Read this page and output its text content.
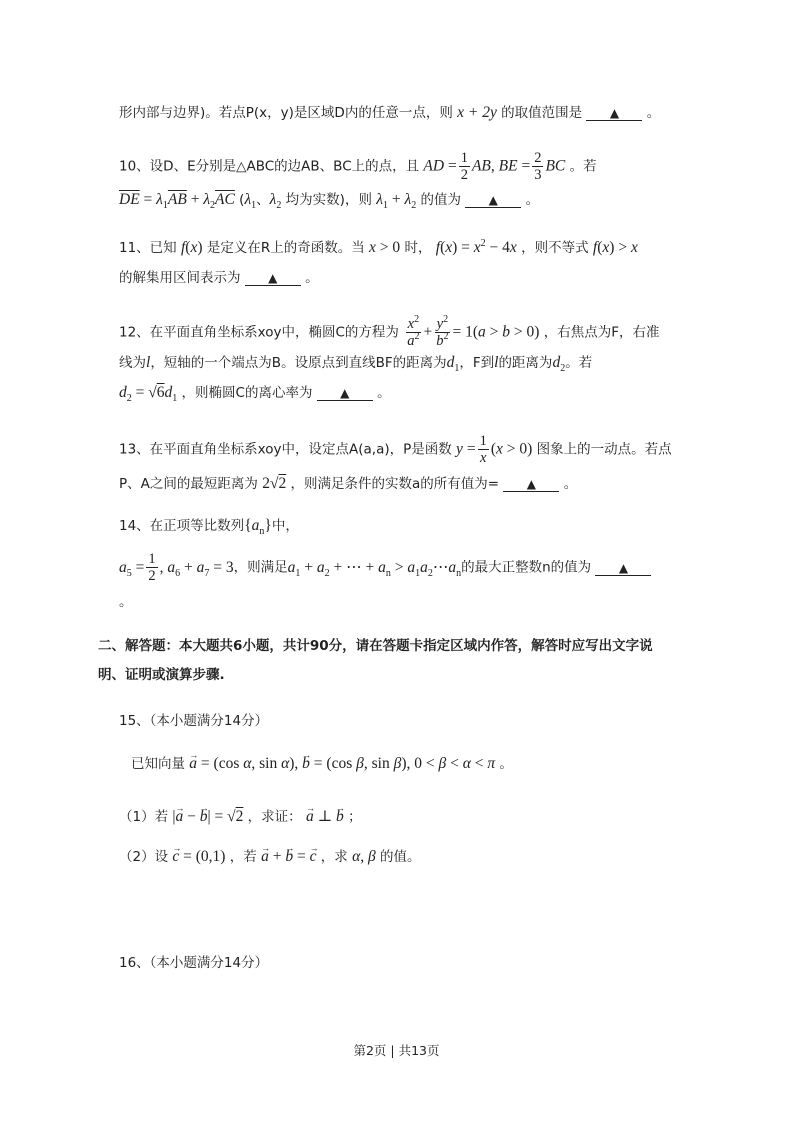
形内部与边界)。若点P(x，y)是区域D内的任意一点，则 x + 2y 的取值范围是 ▲ 。
10、设D、E分别是△ABC的边AB、BC上的点，且 AD = $\frac{1}{2}$ AB, BE = $\frac{2}{3}$ BC 。若
$\overline{DE} = \lambda_1\overline{AB} + \lambda_2\overline{AC}$ ($\lambda_1$、$\lambda_2$ 均为实数)，则 $\lambda_1 + \lambda_2$ 的值为 ▲ 。
11、已知 f(x) 是定义在R上的奇函数。当 x > 0 时， $f(x) = x^2 - 4x$ ，则不等式 f(x) > x
的解集用区间表示为 ▲ 。
12、在平面直角坐标系xoy中，椭圆C的方程为 $\frac{x^2}{a^2} + \frac{y^2}{b^2} = 1(a > b > 0)$ ，右焦点为F，右准
线为l，短轴的一个端点为B。设原点到直线BF的距离为$d_1$，F到l的距离为$d_2$。若
$d_2 = √6d_1$ ，则椭圆C的离心率为 ▲ 。
13、在平面直角坐标系xoy中，设定点A(a,a)，P是函数 $y = \frac{1}{x} (x > 0)$ 图象上的一动点。若点
P、A之间的最短距离为 2√2 ，则满足条件的实数a的所有值为= ▲ 。
14、在正项等比数列$\{a_n\}$中，
$a_5 = \frac{1}{2}$ , $a_6 + a_7 = 3$，则满足$a_1 + a_2$ + ⋯ + $a_n$ > $a_1a_2\cdots a_n$的最大正整数n的值为 ▲
。
二、解答题：本大题共6小题，共计90分，请在答题卡指定区域内作答，解答时应写出文字说
明、证明或演算步骤.
15、（本小题满分14分）
已知向量 → a = (cos α, sin α), → b = (cos β, sin β), 0 < β < α < π 。
（1）若 |→ a − → b| = √2 ，求证： → a ⊥ → b ；
（2）设 → c = (0,1) ，若 → a + → b = → c ，求 α, β 的值。
16、（本小题满分14分）
第2页 | 共13页
